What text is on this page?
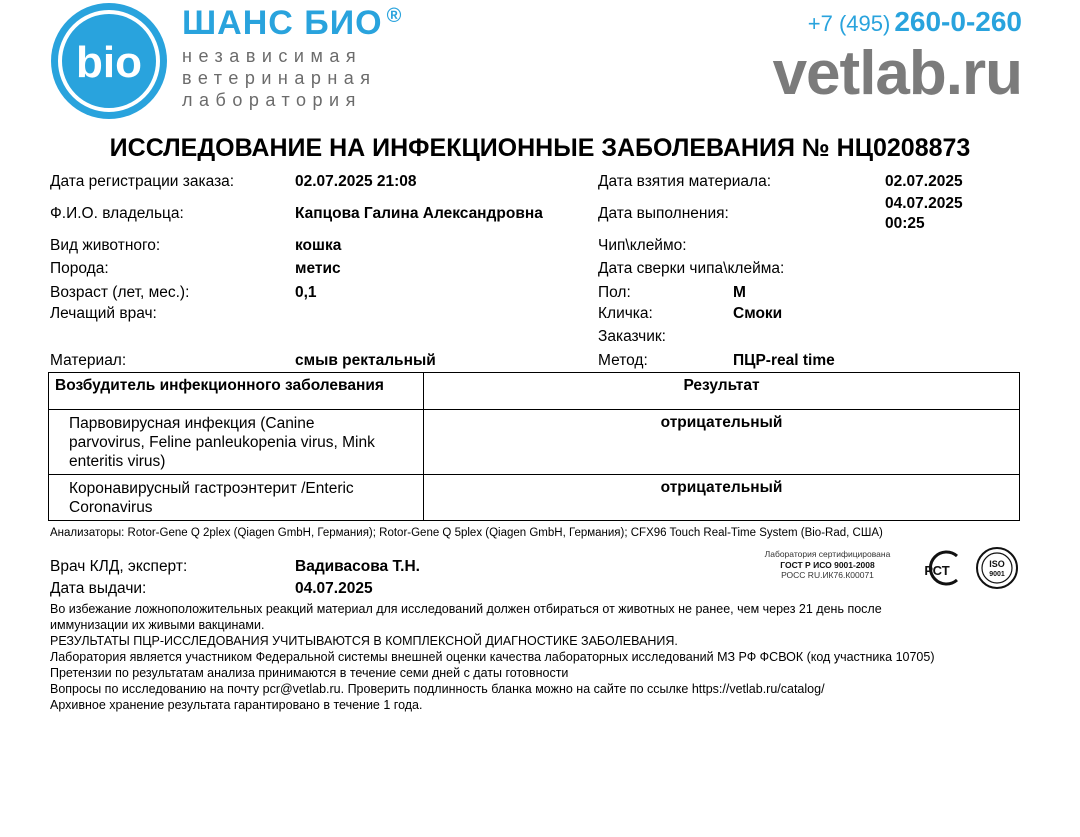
bio
ШАНС БИО ®
независимая
ветеринарная
лаборатория
+7 (495) 260-0-260
vetlab.ru
ИССЛЕДОВАНИЕ НА ИНФЕКЦИОННЫЕ ЗАБОЛЕВАНИЯ № НЦ0208873
Дата регистрации заказа:	02.07.2025 21:08
Ф.И.О. владельца:	Капцова Галина Александровна
Вид животного:	кошка
Порода:	метис
Возраст (лет, мес.):	0,1
Лечащий врач:
Материал:	смыв ректальный
Дата взятия материала:	02.07.2025
Дата выполнения:
04.07.2025
00:25
Чип\клеймо:
Дата сверки чипа\клейма:
Пол:	М
Кличка:	Смоки
Заказчик:
Метод:	ПЦР-real time
Возбудитель инфекционного заболевания	Результат

Парвовирусная инфекция (Canine
parvovirus, Feline panleukopenia virus, Mink
enteritis virus)	отрицательный

Коронавирусный гастроэнтерит /Enteric
Coronavirus	отрицательный
Анализаторы: Rotor-Gene Q 2plex (Qiagen GmbH, Германия); Rotor-Gene Q 5plex (Qiagen GmbH, Германия); CFX96 Touch Real-Time System (Bio-Rad, США)
Врач КЛД, эксперт:	Вадивасова Т.Н.
Дата выдачи:	04.07.2025
Лаборатория сертифицирована
ГОСТ Р ИСО 9001-2008
РОСС RU.ИК76.К00071	РСТ	ISO
9001
Во избежание ложноположительных реакций материал для исследований должен отбираться от животных не ранее, чем через 21 день после
иммунизации их живыми вакцинами.
РЕЗУЛЬТАТЫ ПЦР-ИССЛЕДОВАНИЯ УЧИТЫВАЮТСЯ В КОМПЛЕКСНОЙ ДИАГНОСТИКЕ ЗАБОЛЕВАНИЯ.
Лаборатория является участником Федеральной системы внешней оценки качества лабораторных исследований МЗ РФ ФСВОК (код участника 10705)
Претензии по результатам анализа принимаются в течение семи дней с даты готовности
Вопросы по исследованию на почту pcr@vetlab.ru. Проверить подлинность бланка можно на сайте по ссылке https://vetlab.ru/catalog/
Архивное хранение результата гарантировано в течение 1 года.
